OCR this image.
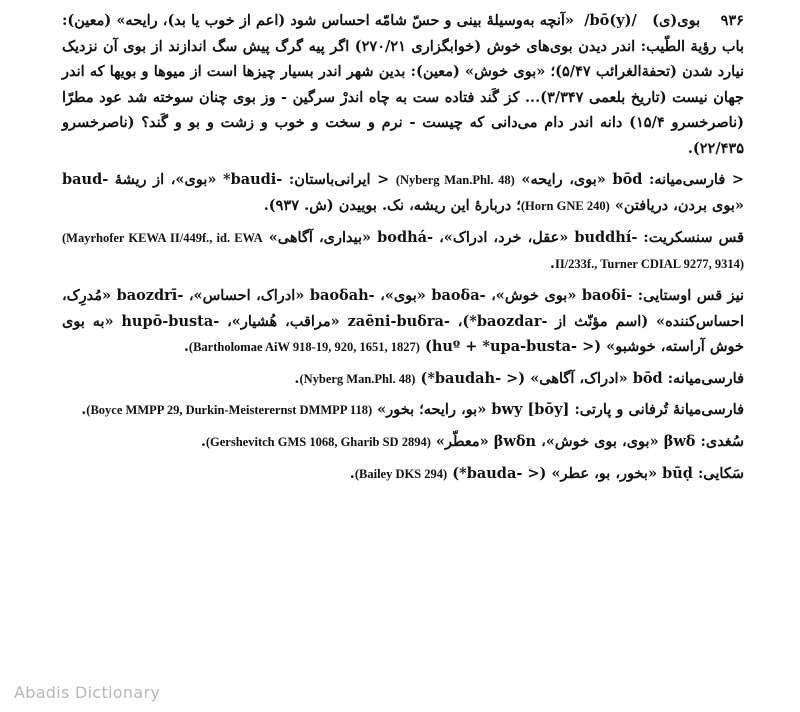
۹۳۶    بوی(ی)   /bō(y)/  «آنچه به‌وسیلهٔ بینی و حسّ شامّه احساس شود (اعم از خوب یا بد)، رایحه» (معین): باب رؤیة الطّیب: اندر دیدن بوی‌های خوش (خوابگزاری ۲۷۰/۲۱) اگر پیه گرگ پیش سگ اندازند از بوی آن نزدیک نیارد شدن (تحفة‌الغرائب ۵/۴۷)؛ «بوی خوش» (معین): بدین شهر اندر بسیار چیزها است از میوها و بویها که اندر جهان نیست (تاریخ بلعمی ۳/۳۴۷)... کز گَند فتاده ست به چاه اندرْ سرگین - وز بوی چنان سوخته شد عود مطرّا (ناصرخسرو ۱۵/۴) دانه اندر دام می‌دانی که چیست - نرم و سخت و خوب و زشت و بو و گَند؟ (ناصرخسرو ۲۲/۴۳۵).

< فارسی‌میانه: bōd «بوی، رایحه» (Nyberg Man.Phl. 48) < ایرانی‌باستان: *baudi- «بوی»، از ریشهٔ baud- «بوی بردن، دریافتن» (Horn GNE 240)؛ دربارهٔ این ریشه، نک. بوییدن (ش. ۹۳۷).

قس سنسکریت: buddhí- «عقل، خرد، ادراک»، bodhá- «بیداری، آگاهی» (Mayrhofer KEWA II/449f., id. EWA II/233f., Turner CDIAL 9277, 9314).

نیز قس اوستایی: baoδi- «بوی خوش»، baoδa- «بوی»، baoδah- «ادراک، احساس»، baozdrī- «مُدرِک، احساس‌کننده» (اسم مؤنّث از *baozdar-)، zaēni-buδra- «مراقب، هُشیار»، hupō-busta- «به بوی خوش آراسته، خوشبو» (< huº + *upa-busta-) (Bartholomae AiW 918-19, 920, 1651, 1827).

فارسی‌میانه: bōd «ادراک، آگاهی» (< *baudah-) (Nyberg Man.Phl. 48).

فارسی‌میانهٔ تُرفانی و پارتی: bwy [bōy] «بو، رایحه؛ بخور» (Boyce MMPP 29, Durkin-Meisterernst DMMPP 118).

سُغدی: βwδ «بوی، بوی خوش»، βwδn «معطّر» (Gershevitch GMS 1068, Gharib SD 2894).

سَکایی: būḍ «بخور، بو، عطر» (< *bauda-) (Bailey DKS 294).

Abadis Dictionary
